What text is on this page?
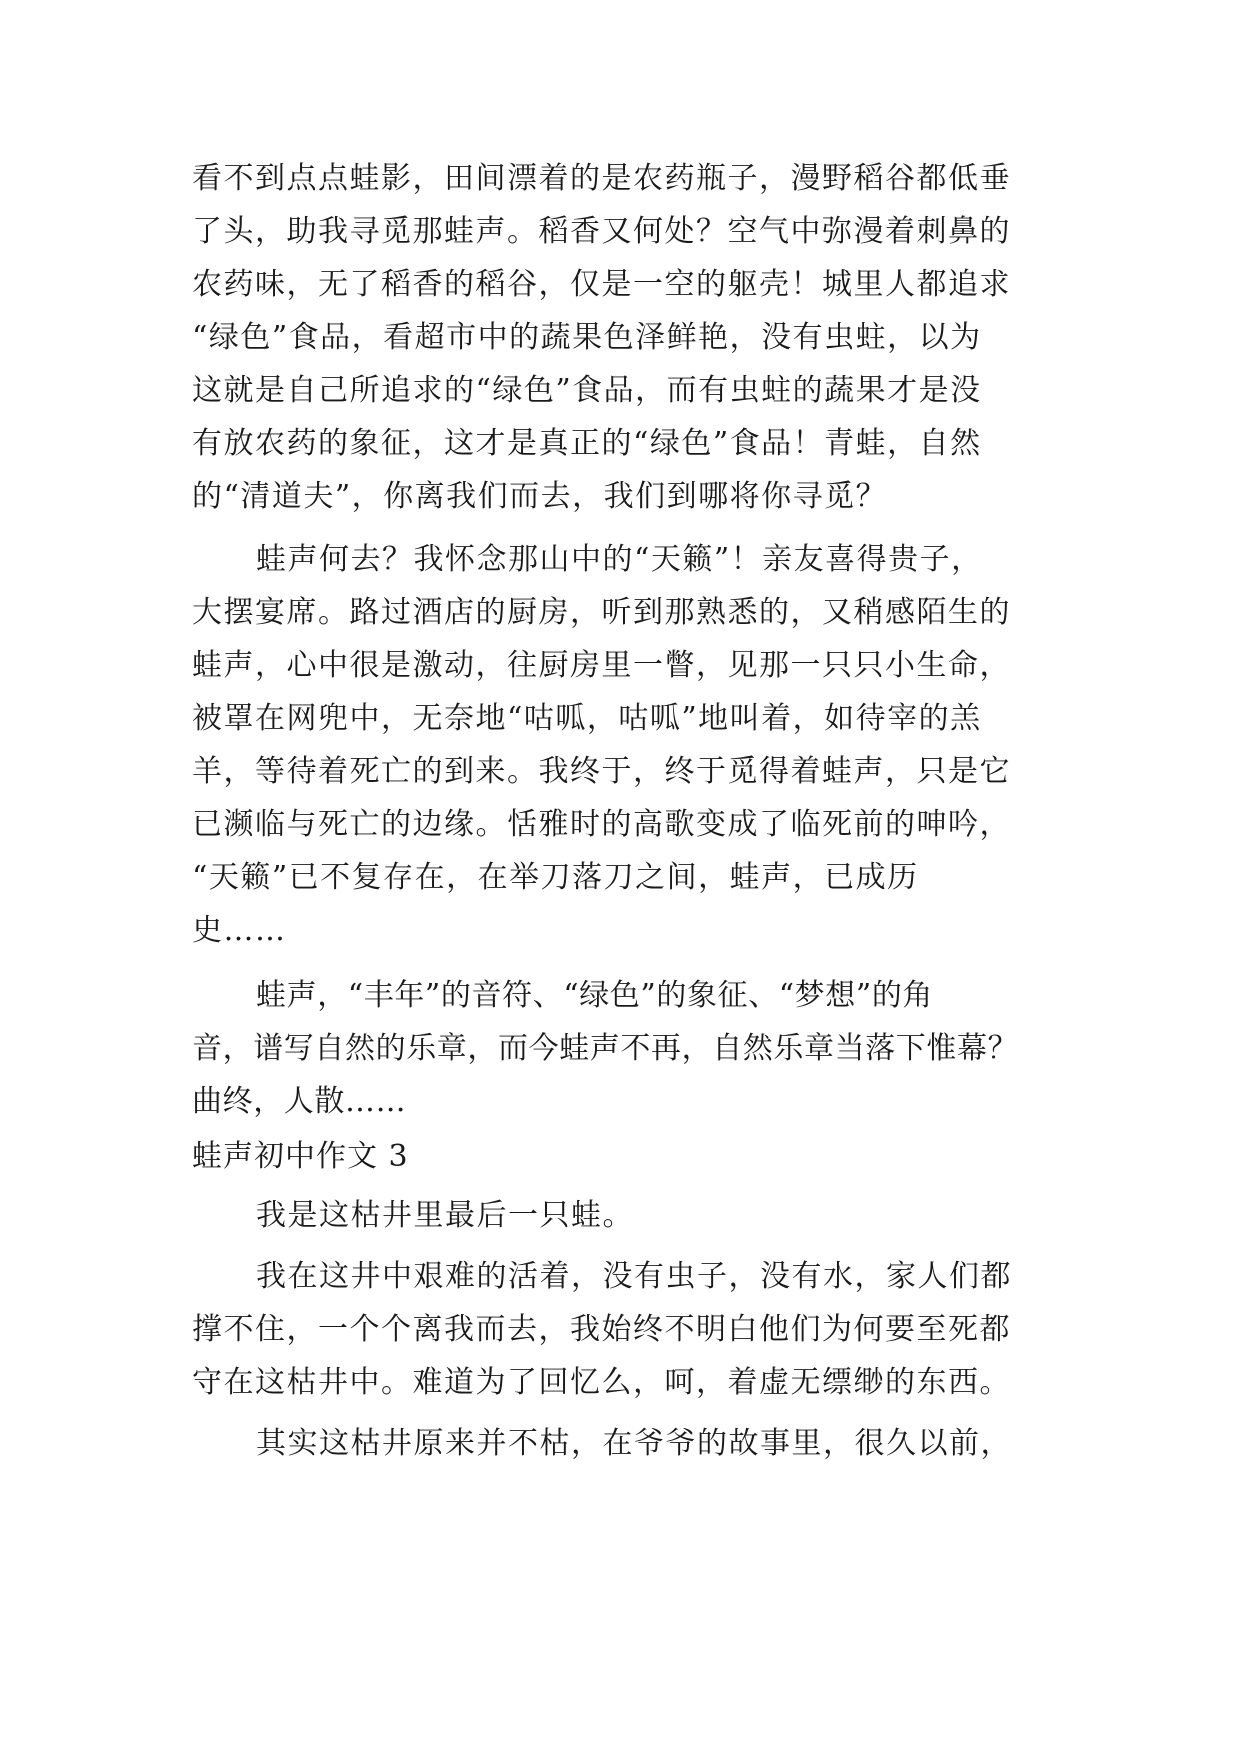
看不到点点蛙影，田间漂着的是农药瓶子，漫野稻谷都低垂
了头，助我寻觅那蛙声。稻香又何处？空气中弥漫着刺鼻的
农药味，无了稻香的稻谷，仅是一空的躯壳！城里人都追求
“绿色”食品，看超市中的蔬果色泽鲜艳，没有虫蛀，以为
这就是自己所追求的“绿色”食品，而有虫蛀的蔬果才是没
有放农药的象征，这才是真正的“绿色”食品！青蛙，自然
的“清道夫”，你离我们而去，我们到哪将你寻觅？
蛙声何去？我怀念那山中的“天籁”！亲友喜得贵子，
大摆宴席。路过酒店的厨房，听到那熟悉的，又稍感陌生的
蛙声，心中很是激动，往厨房里一瞥，见那一只只小生命，
被罩在网兜中，无奈地“咕呱，咕呱”地叫着，如待宰的羔
羊，等待着死亡的到来。我终于，终于觅得着蛙声，只是它
已濒临与死亡的边缘。恬雅时的高歌变成了临死前的呻吟，
“天籁”已不复存在，在举刀落刀之间，蛙声，已成历
史……
蛙声，“丰年”的音符、“绿色”的象征、“梦想”的角
音，谱写自然的乐章，而今蛙声不再，自然乐章当落下惟幕？
曲终，人散……
蛙声初中作文 3
我是这枯井里最后一只蛙。
我在这井中艰难的活着，没有虫子，没有水，家人们都
撑不住，一个个离我而去，我始终不明白他们为何要至死都
守在这枯井中。难道为了回忆么，呵，着虚无缥缈的东西。
其实这枯井原来并不枯，在爷爷的故事里，很久以前，
